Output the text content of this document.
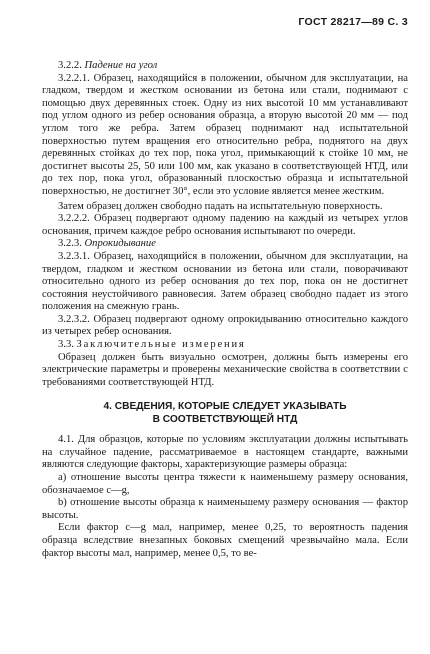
ГОСТ 28217—89 С. 3

3.2.2. Падение на угол

3.2.2.1. Образец, находящийся в положении, обычном для эксплуатации, на гладком, твердом и жестком основании из бетона или стали, поднимают с помощью двух деревянных стоек. Одну из них высотой 10 мм устанавливают под углом одного из ребер основания образца, а вторую высотой 20 мм — под углом того же ребра. Затем образец поднимают над испытательной поверхностью путем вращения его относительно ребра, поднятого на двух деревянных стойках до тех пор, пока угол, примыкающий к стойке 10 мм, не достигнет высоты 25, 50 или 100 мм, как указано в соответствующей НТД, или до тех пор, пока угол, образованный плоскостью образца и испытательной поверхностью, не достигнет 30°, если это условие является менее жестким.

Затем образец должен свободно падать на испытательную поверхность.

3.2.2.2. Образец подвергают одному падению на каждый из четырех углов основания, причем каждое ребро основания испытывают по очереди.

3.2.3. Опрокидывание

3.2.3.1. Образец, находящийся в положении, обычном для эксплуатации, на твердом, гладком и жестком основании из бетона или стали, поворачивают относительно одного из ребер основания до тех пор, пока он не достигнет состояния неустойчивого равновесия. Затем образец свободно падает из этого положения на смежную грань.

3.2.3.2. Образец подвергают одному опрокидыванию относительно каждого из четырех ребер основания.

3.3. Заключительные измерения

Образец должен быть визуально осмотрен, должны быть измерены его электрические параметры и проверены механические свойства в соответствии с требованиями соответствующей НТД.

4. СВЕДЕНИЯ, КОТОРЫЕ СЛЕДУЕТ УКАЗЫВАТЬ
В СООТВЕТСТВУЮЩЕЙ НТД

4.1. Для образцов, которые по условиям эксплуатации должны испытывать на случайное падение, рассматриваемое в настоящем стандарте, важными являются следующие факторы, характеризующие размеры образца:

а) отношение высоты центра тяжести к наименьшему размеру основания, обозначаемое с—g,

b) отношение высоты образца к наименьшему размеру основания — фактор высоты.

Если фактор с—g мал, например, менее 0,25, то вероятность падения образца вследствие внезапных боковых смещений чрезвычайно мала. Если фактор высоты мал, например, менее 0,5, то ве-
